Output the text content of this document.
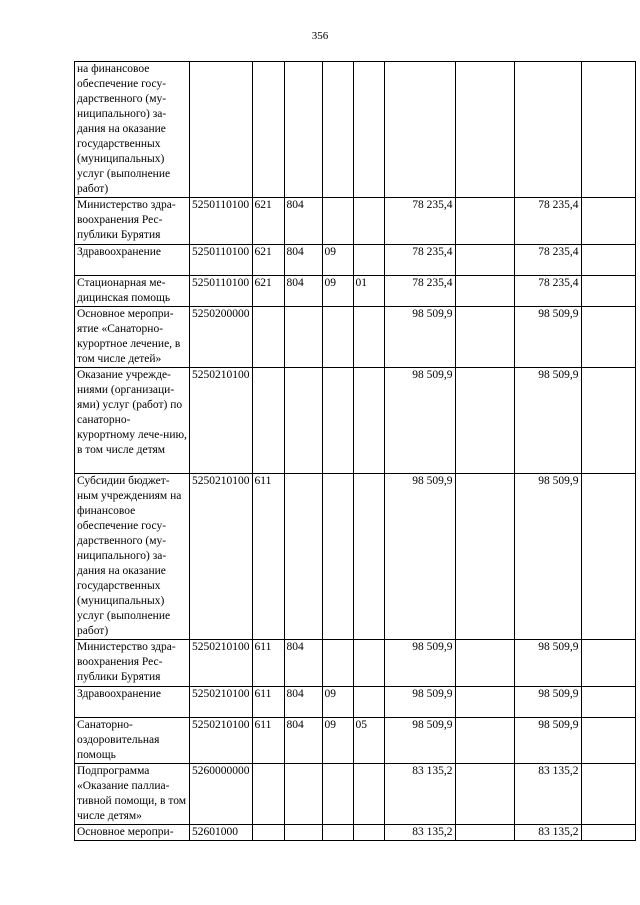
356
на финансовое обеспечение госу-дарственного (му-ниципального) за-дания на оказание государственных (муниципальных) услуг (выполнение работ)									
Министерство здра-воохранения Рес-публики Бурятия	5250110100	621	804			78 235,4		78 235,4	
Здравоохранение	5250110100	621	804	09		78 235,4		78 235,4	
Стационарная ме-дицинская помощь	5250110100	621	804	09	01	78 235,4		78 235,4	
Основное меропри-ятие «Санаторно-курортное лечение, в том числе детей»	5250200000					98 509,9		98 509,9	
Оказание учрежде-ниями (организаци-ями) услуг (работ) по санаторно-курортному лече-нию, в том числе детям	5250210100					98 509,9		98 509,9	
Субсидии бюджет-ным учреждениям на финансовое обеспечение госу-дарственного (му-ниципального) за-дания на оказание государственных (муниципальных) услуг (выполнение работ)	5250210100	611				98 509,9		98 509,9	
Министерство здра-воохранения Рес-публики Бурятия	5250210100	611	804			98 509,9		98 509,9	
Здравоохранение	5250210100	611	804	09		98 509,9		98 509,9	
Санаторно-оздоровительная помощь	5250210100	611	804	09	05	98 509,9		98 509,9	
Подпрограмма «Оказание паллиа-тивной помощи, в том числе детям»	5260000000					83 135,2		83 135,2	
Основное меропри-	52601000					83 135,2		83 135,2	
